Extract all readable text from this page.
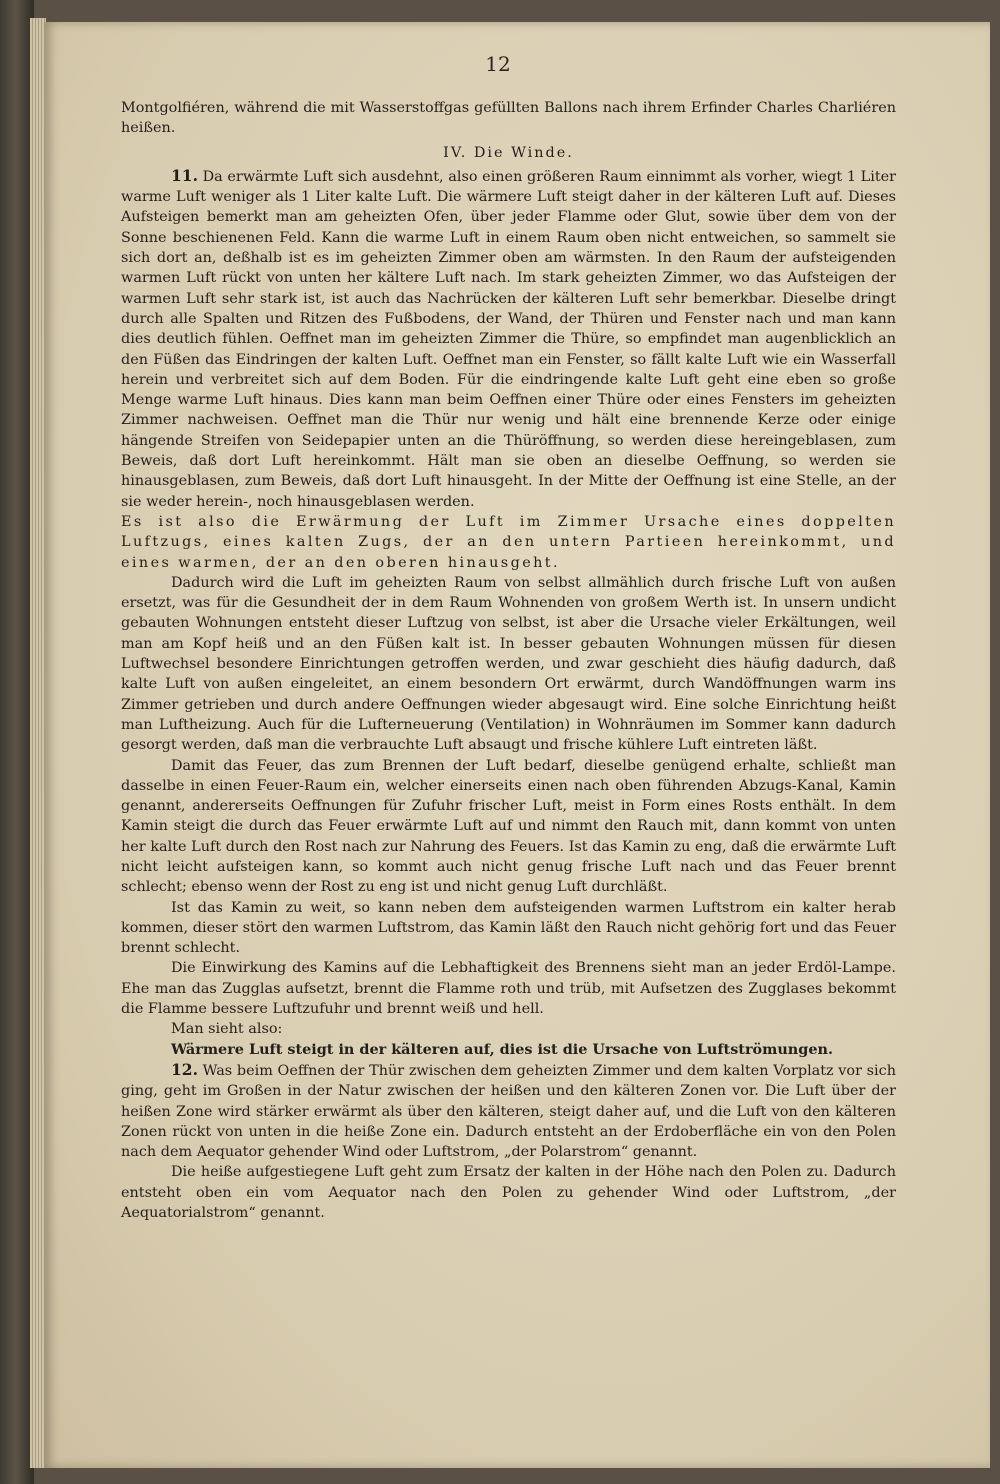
12

Montgolfiéren, während die mit Wasserstoffgas gefüllten Ballons nach ihrem Erfinder Charles Charliéren heißen.

IV. Die Winde.

11. Da erwärmte Luft sich ausdehnt, also einen größeren Raum einnimmt als vorher, wiegt 1 Liter warme Luft weniger als 1 Liter kalte Luft. Die wärmere Luft steigt daher in der kälteren Luft auf. Dieses Aufsteigen bemerkt man am geheizten Ofen, über jeder Flamme oder Glut, sowie über dem von der Sonne beschienenen Feld. Kann die warme Luft in einem Raum oben nicht entweichen, so sammelt sie sich dort an, deßhalb ist es im geheizten Zimmer oben am wärmsten. In den Raum der aufsteigenden warmen Luft rückt von unten her kältere Luft nach. Im stark geheizten Zimmer, wo das Aufsteigen der warmen Luft sehr stark ist, ist auch das Nachrücken der kälteren Luft sehr bemerkbar. Dieselbe dringt durch alle Spalten und Ritzen des Fußbodens, der Wand, der Thüren und Fenster nach und man kann dies deutlich fühlen. Oeffnet man im geheizten Zimmer die Thüre, so empfindet man augenblicklich an den Füßen das Eindringen der kalten Luft. Oeffnet man ein Fenster, so fällt kalte Luft wie ein Wasserfall herein und verbreitet sich auf dem Boden. Für die eindringende kalte Luft geht eine eben so große Menge warme Luft hinaus. Dies kann man beim Oeffnen einer Thüre oder eines Fensters im geheizten Zimmer nachweisen. Oeffnet man die Thür nur wenig und hält eine brennende Kerze oder einige hängende Streifen von Seidepapier unten an die Thüröffnung, so werden diese hereingeblasen, zum Beweis, daß dort Luft hereinkommt. Hält man sie oben an dieselbe Oeffnung, so werden sie hinausgeblasen, zum Beweis, daß dort Luft hinausgeht. In der Mitte der Oeffnung ist eine Stelle, an der sie weder herein-, noch hinausgeblasen werden.

Es ist also die Erwärmung der Luft im Zimmer Ursache eines doppelten Luftzugs, eines kalten Zugs, der an den untern Partieen hereinkommt, und eines warmen, der an den oberen hinausgeht.

Dadurch wird die Luft im geheizten Raum von selbst allmählich durch frische Luft von außen ersetzt, was für die Gesundheit der in dem Raum Wohnenden von großem Werth ist. In unsern undicht gebauten Wohnungen entsteht dieser Luftzug von selbst, ist aber die Ursache vieler Erkältungen, weil man am Kopf heiß und an den Füßen kalt ist. In besser gebauten Wohnungen müssen für diesen Luftwechsel besondere Einrichtungen getroffen werden, und zwar geschieht dies häufig dadurch, daß kalte Luft von außen eingeleitet, an einem besondern Ort erwärmt, durch Wandöffnungen warm ins Zimmer getrieben und durch andere Oeffnungen wieder abgesaugt wird. Eine solche Einrichtung heißt man Luftheizung. Auch für die Lufterneuerung (Ventilation) in Wohnräumen im Sommer kann dadurch gesorgt werden, daß man die verbrauchte Luft absaugt und frische kühlere Luft eintreten läßt.

Damit das Feuer, das zum Brennen der Luft bedarf, dieselbe genügend erhalte, schließt man dasselbe in einen Feuer-Raum ein, welcher einerseits einen nach oben führenden Abzugs-Kanal, Kamin genannt, andererseits Oeffnungen für Zufuhr frischer Luft, meist in Form eines Rosts enthält. In dem Kamin steigt die durch das Feuer erwärmte Luft auf und nimmt den Rauch mit, dann kommt von unten her kalte Luft durch den Rost nach zur Nahrung des Feuers. Ist das Kamin zu eng, daß die erwärmte Luft nicht leicht aufsteigen kann, so kommt auch nicht genug frische Luft nach und das Feuer brennt schlecht; ebenso wenn der Rost zu eng ist und nicht genug Luft durchläßt.

Ist das Kamin zu weit, so kann neben dem aufsteigenden warmen Luftstrom ein kalter herab kommen, dieser stört den warmen Luftstrom, das Kamin läßt den Rauch nicht gehörig fort und das Feuer brennt schlecht.

Die Einwirkung des Kamins auf die Lebhaftigkeit des Brennens sieht man an jeder Erdöl-Lampe. Ehe man das Zugglas aufsetzt, brennt die Flamme roth und trüb, mit Aufsetzen des Zugglases bekommt die Flamme bessere Luftzufuhr und brennt weiß und hell.

Man sieht also:

Wärmere Luft steigt in der kälteren auf, dies ist die Ursache von Luftströmungen.

12. Was beim Oeffnen der Thür zwischen dem geheizten Zimmer und dem kalten Vorplatz vor sich ging, geht im Großen in der Natur zwischen der heißen und den kälteren Zonen vor. Die Luft über der heißen Zone wird stärker erwärmt als über den kälteren, steigt daher auf, und die Luft von den kälteren Zonen rückt von unten in die heiße Zone ein. Dadurch entsteht an der Erdoberfläche ein von den Polen nach dem Aequator gehender Wind oder Luftstrom, „der Polarstrom“ genannt.

Die heiße aufgestiegene Luft geht zum Ersatz der kalten in der Höhe nach den Polen zu. Dadurch entsteht oben ein vom Aequator nach den Polen zu gehender Wind oder Luftstrom, „der Aequatorialstrom“ genannt.
